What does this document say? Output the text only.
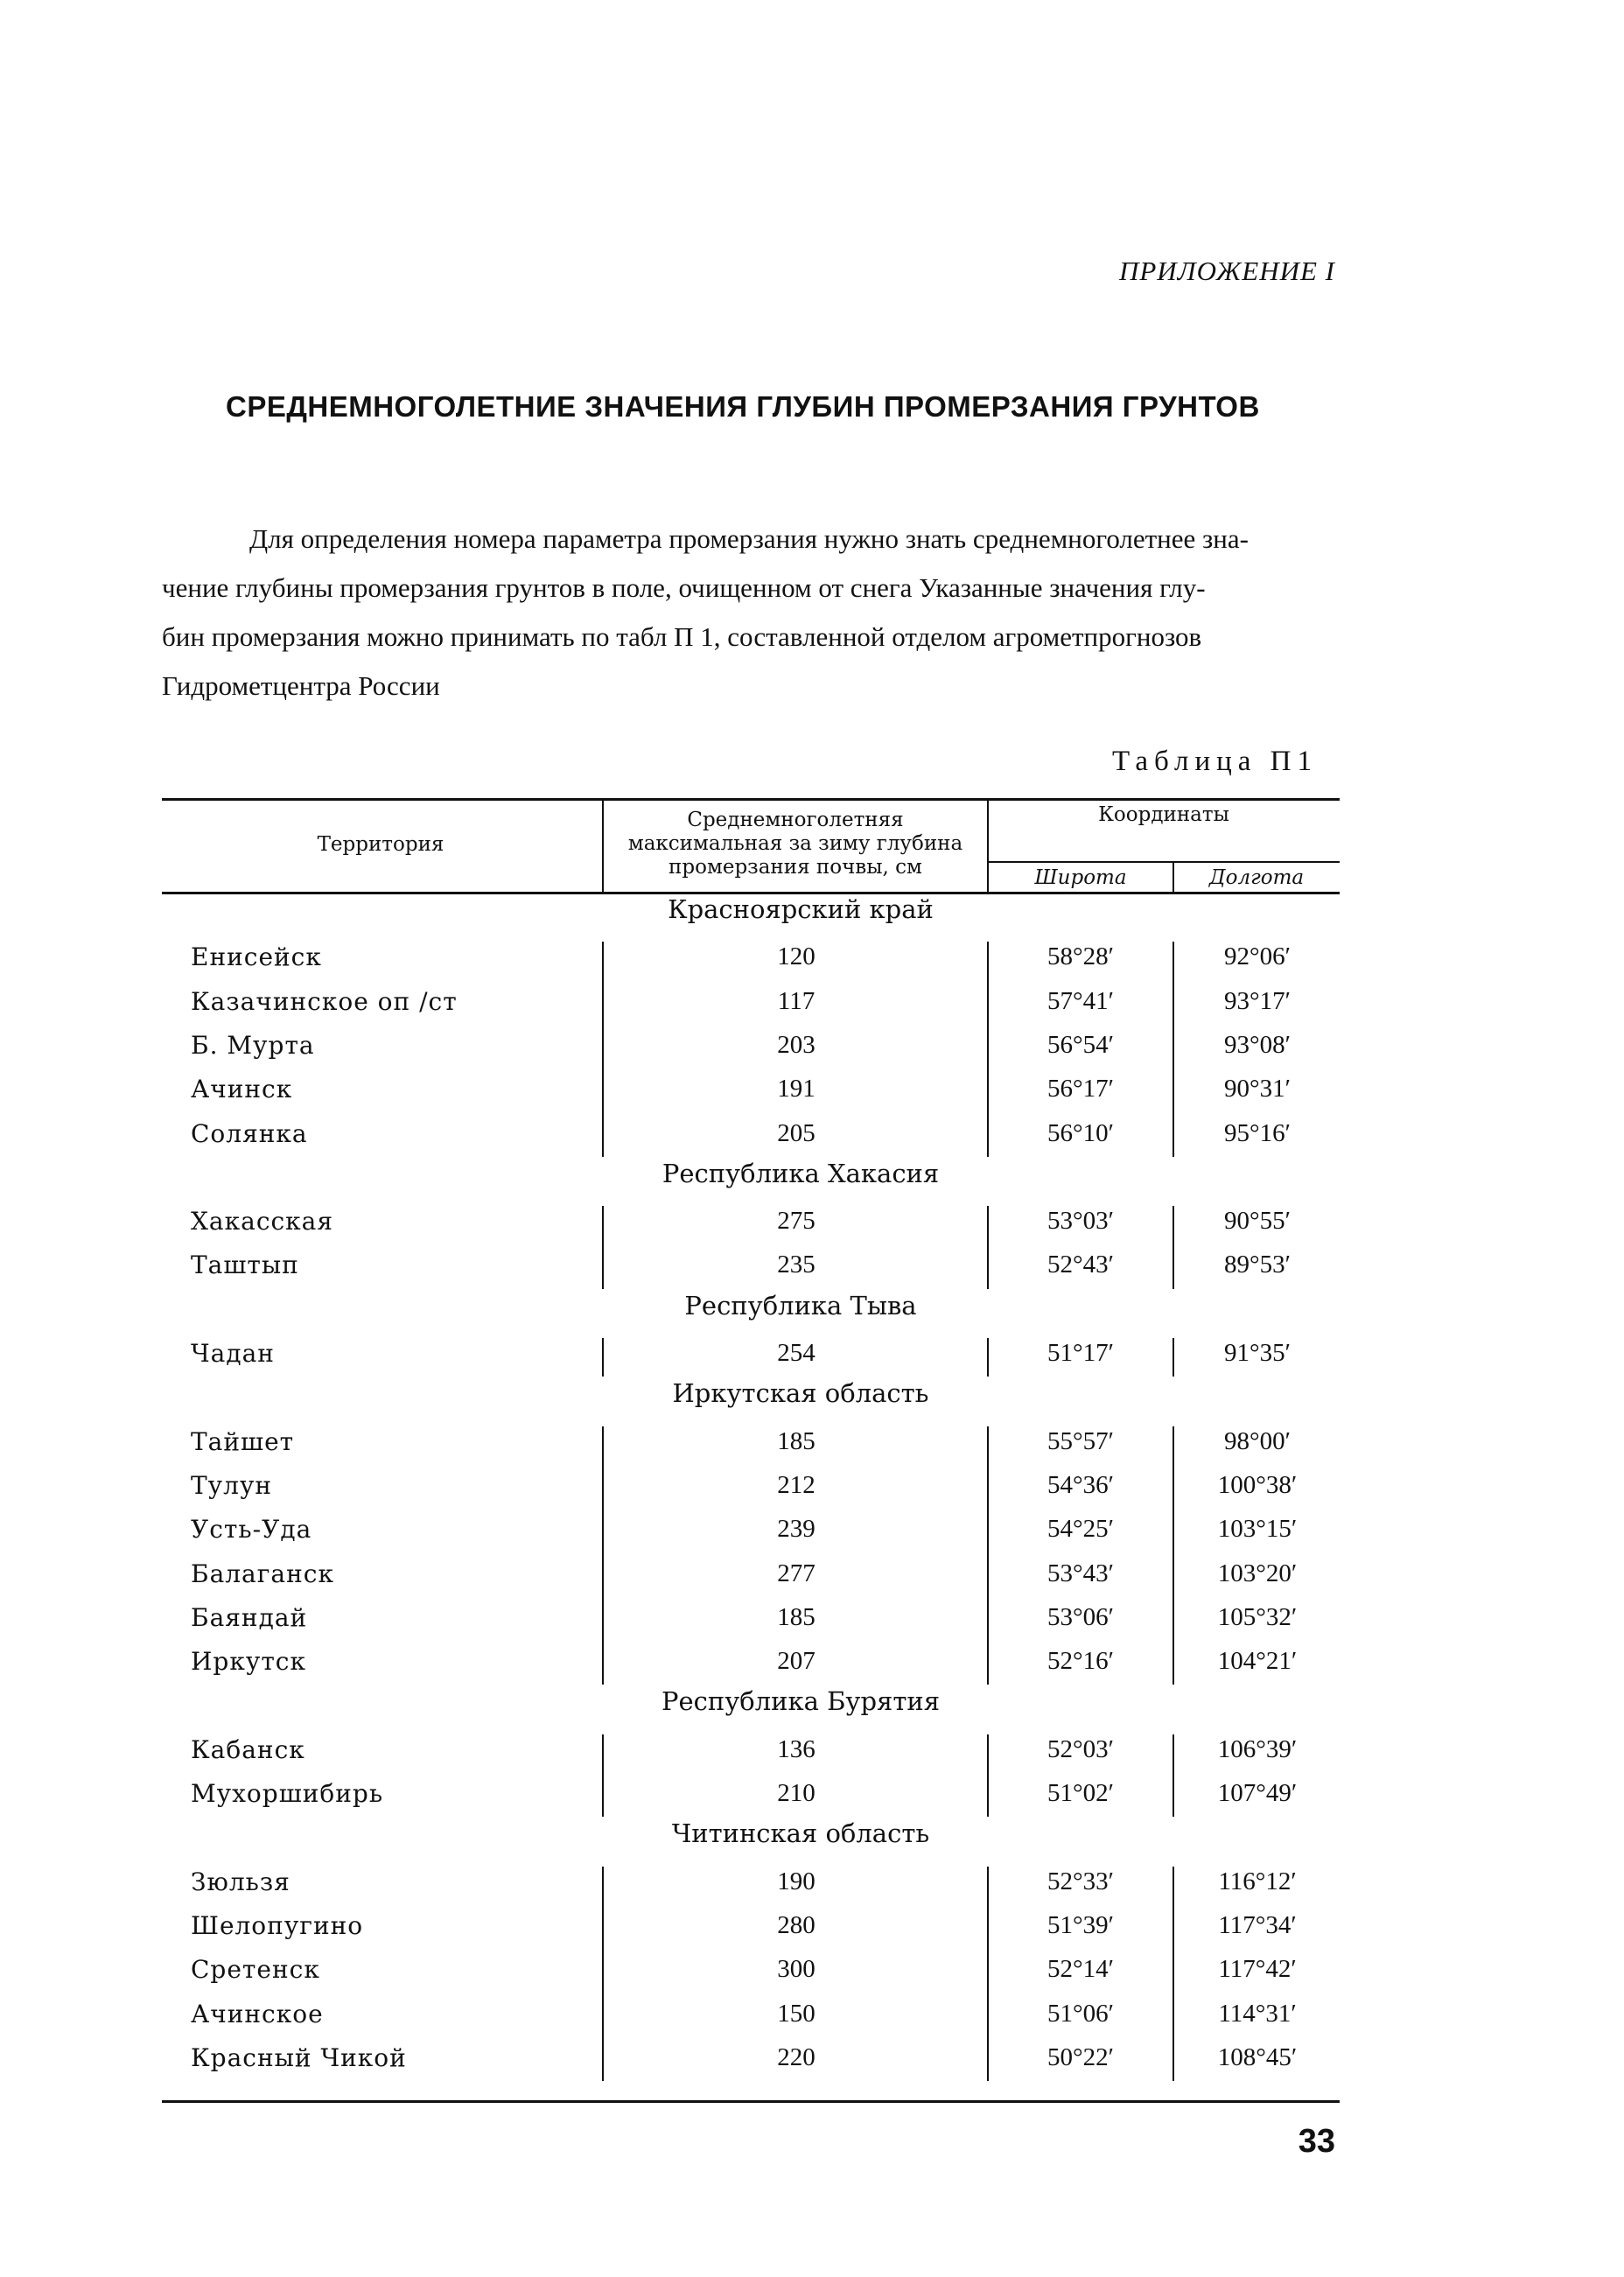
ПРИЛОЖЕНИЕ I
СРЕДНЕМНОГОЛЕТНИЕ ЗНАЧЕНИЯ ГЛУБИН ПРОМЕРЗАНИЯ ГРУНТОВ
Для определения номера параметра промерзания нужно знать среднемноголетнее зна-
чение глубины промерзания грунтов в поле, очищенном от снега Указанные значения глу-
бин промерзания можно принимать по табл П 1, составленной отделом агрометпрогнозов
Гидрометцентра России
Таблица П1
Территория
Среднемноголетняя
максимальная за зиму глубина
промерзания почвы, см
Координаты
Широта	Долгота
Красноярский край
Енисейск	120	58°28′	92°06′
Казачинское оп /ст	117	57°41′	93°17′
Б. Мурта	203	56°54′	93°08′
Ачинск	191	56°17′	90°31′
Солянка	205	56°10′	95°16′
Республика Хакасия
Хакасская	275	53°03′	90°55′
Таштып	235	52°43′	89°53′
Республика Тыва
Чадан	254	51°17′	91°35′
Иркутская область
Тайшет	185	55°57′	98°00′
Тулун	212	54°36′	100°38′
Усть-Уда	239	54°25′	103°15′
Балаганск	277	53°43′	103°20′
Баяндай	185	53°06′	105°32′
Иркутск	207	52°16′	104°21′
Республика Бурятия
Кабанск	136	52°03′	106°39′
Мухоршибирь	210	51°02′	107°49′
Читинская область
Зюльзя	190	52°33′	116°12′
Шелопугино	280	51°39′	117°34′
Сретенск	300	52°14′	117°42′
Ачинское	150	51°06′	114°31′
Красный Чикой	220	50°22′	108°45′
33
